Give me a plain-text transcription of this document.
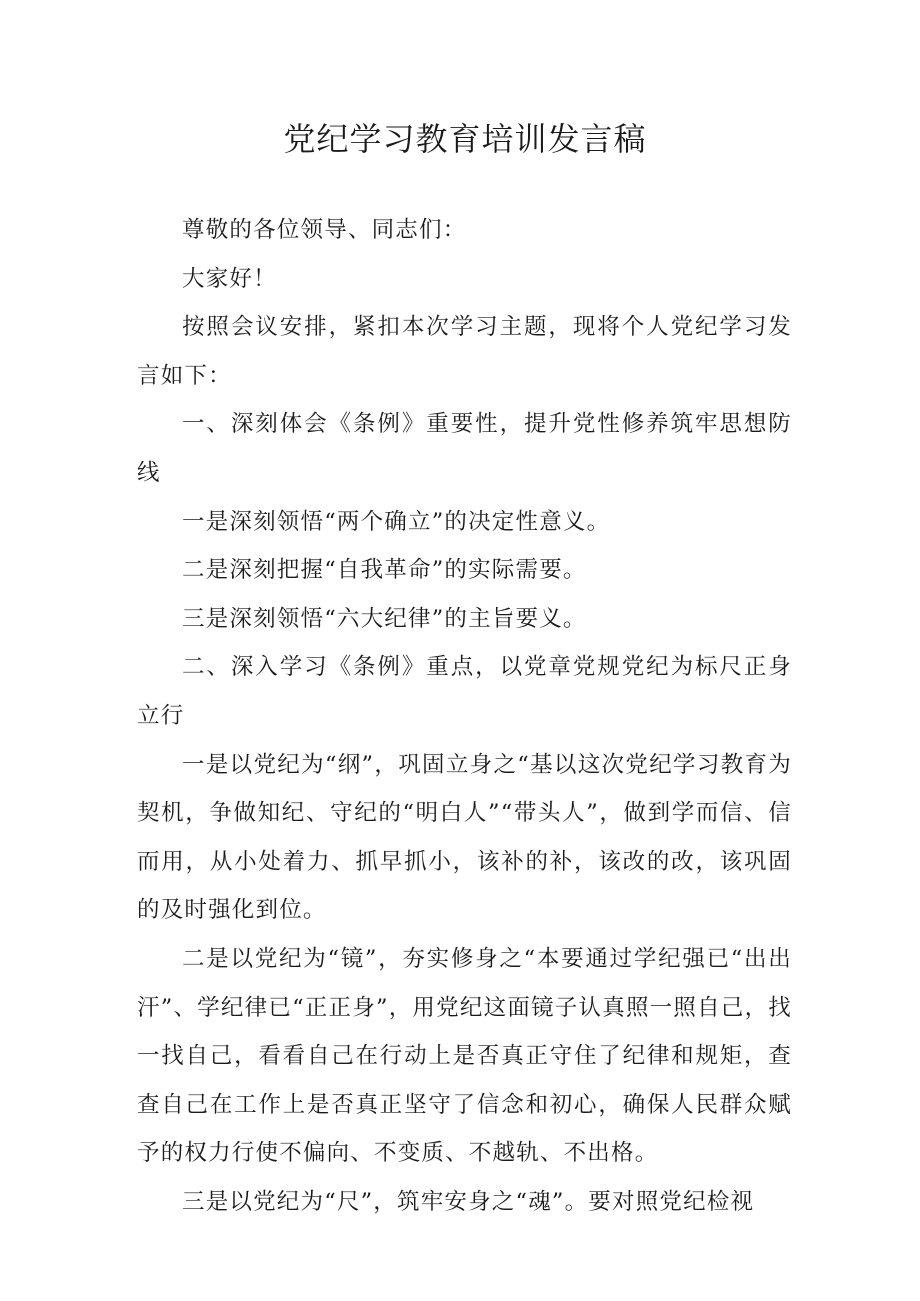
党纪学习教育培训发言稿

尊敬的各位领导、同志们：

大家好！

按照会议安排，紧扣本次学习主题，现将个人党纪学习发言如下：

一、深刻体会《条例》重要性，提升党性修养筑牢思想防线

一是深刻领悟“两个确立”的决定性意义。

二是深刻把握“自我革命”的实际需要。

三是深刻领悟“六大纪律”的主旨要义。

二、深入学习《条例》重点，以党章党规党纪为标尺正身立行

一是以党纪为“纲”，巩固立身之“基以这次党纪学习教育为契机，争做知纪、守纪的“明白人”“带头人”，做到学而信、信而用，从小处着力、抓早抓小，该补的补，该改的改，该巩固的及时强化到位。

二是以党纪为“镜”，夯实修身之“本要通过学纪强已“出出汗”、学纪律已“正正身”，用党纪这面镜子认真照一照自己，找一找自己，看看自己在行动上是否真正守住了纪律和规矩，查查自己在工作上是否真正坚守了信念和初心，确保人民群众赋予的权力行使不偏向、不变质、不越轨、不出格。

三是以党纪为“尺”，筑牢安身之“魂”。要对照党纪检视
